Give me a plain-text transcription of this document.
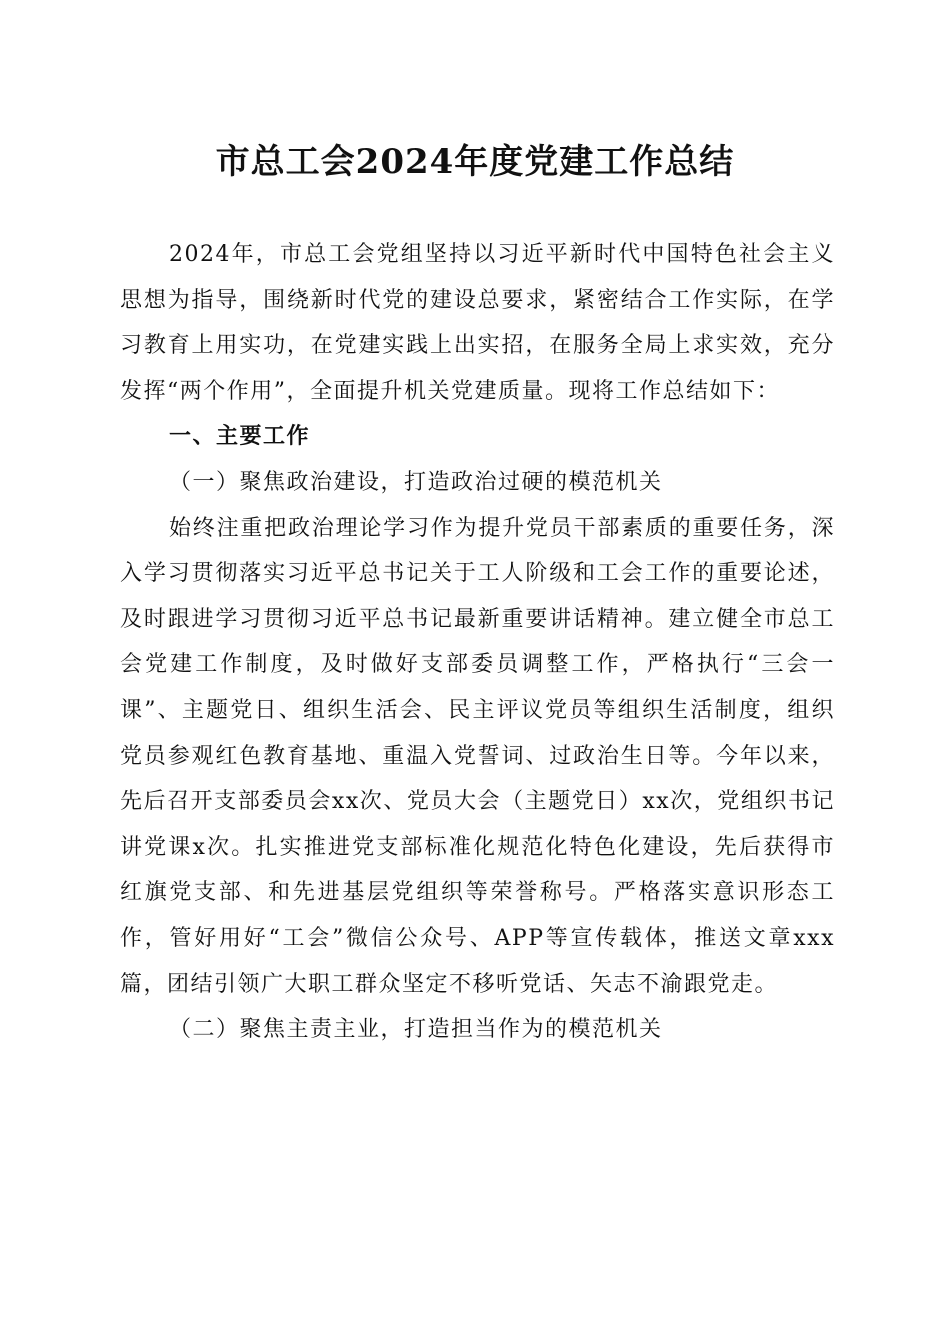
市总工会2024年度党建工作总结

2024年，市总工会党组坚持以习近平新时代中国特色社会主义思想为指导，围绕新时代党的建设总要求，紧密结合工作实际，在学习教育上用实功，在党建实践上出实招，在服务全局上求实效，充分发挥“两个作用”，全面提升机关党建质量。现将工作总结如下：

一、主要工作

（一）聚焦政治建设，打造政治过硬的模范机关

始终注重把政治理论学习作为提升党员干部素质的重要任务，深入学习贯彻落实习近平总书记关于工人阶级和工会工作的重要论述，及时跟进学习贯彻习近平总书记最新重要讲话精神。建立健全市总工会党建工作制度，及时做好支部委员调整工作，严格执行“三会一课”、主题党日、组织生活会、民主评议党员等组织生活制度，组织党员参观红色教育基地、重温入党誓词、过政治生日等。今年以来，先后召开支部委员会xx次、党员大会（主题党日）xx次，党组织书记讲党课x次。扎实推进党支部标准化规范化特色化建设，先后获得市红旗党支部、和先进基层党组织等荣誉称号。严格落实意识形态工作，管好用好“工会”微信公众号、APP等宣传载体，推送文章xxx篇，团结引领广大职工群众坚定不移听党话、矢志不渝跟党走。

（二）聚焦主责主业，打造担当作为的模范机关
